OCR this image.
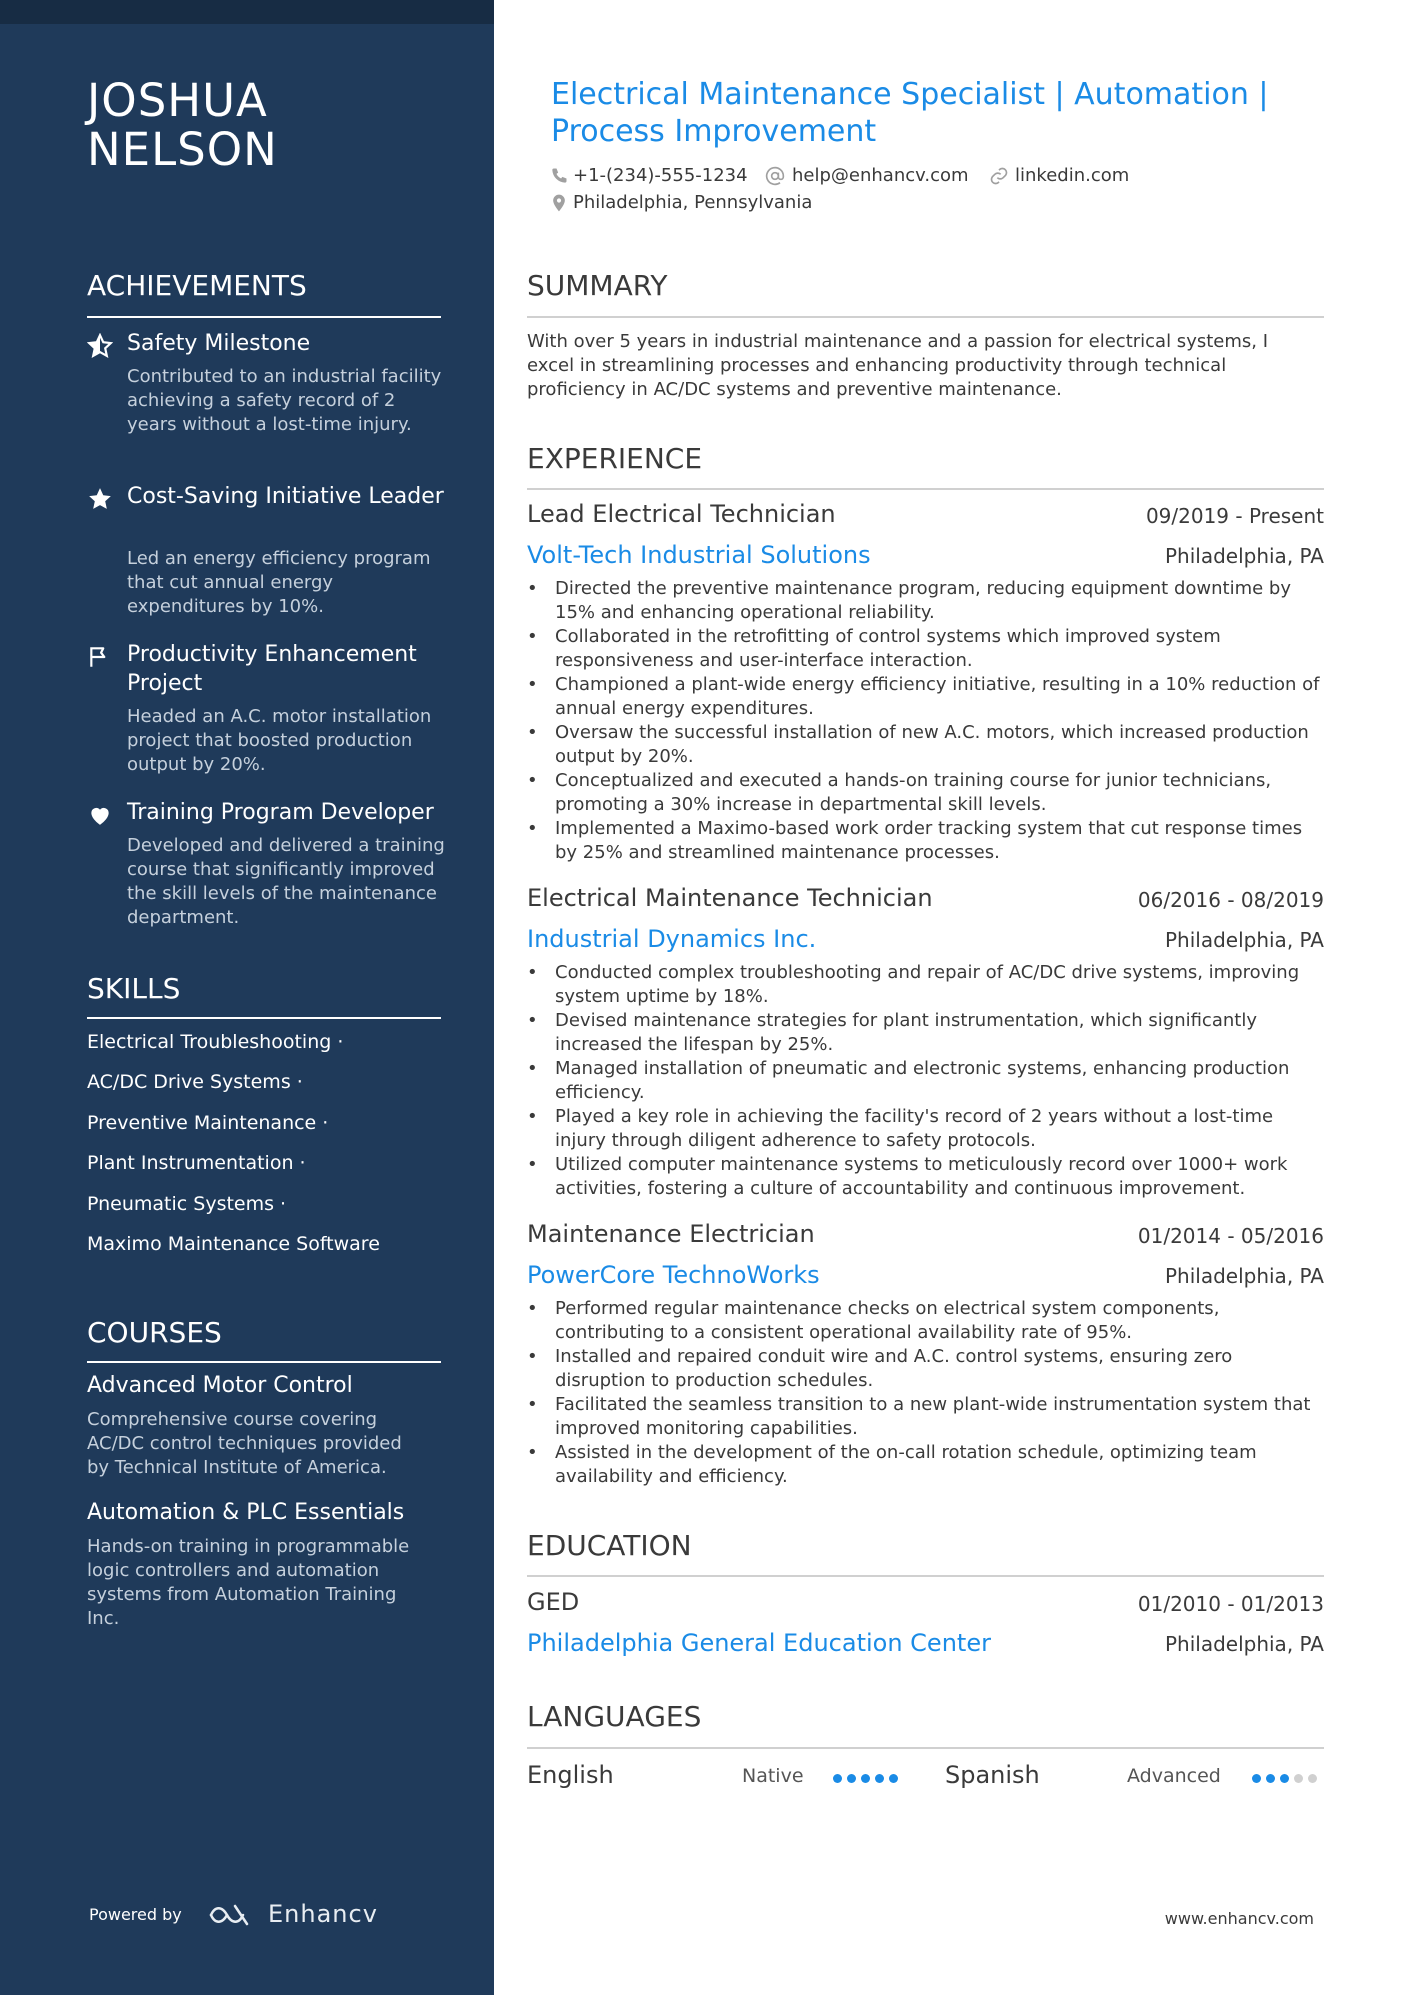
JOSHUA
NELSON
ACHIEVEMENTS
Safety Milestone
Contributed to an industrial facility achieving a safety record of 2 years without a lost-time injury.
Cost-Saving Initiative Leader
Led an energy efficiency program that cut annual energy expenditures by 10%.
Productivity Enhancement Project
Headed an A.C. motor installation project that boosted production output by 20%.
Training Program Developer
Developed and delivered a training course that significantly improved the skill levels of the maintenance department.
SKILLS
Electrical Troubleshooting ·
AC/DC Drive Systems ·
Preventive Maintenance ·
Plant Instrumentation ·
Pneumatic Systems ·
Maximo Maintenance Software
COURSES
Advanced Motor Control
Comprehensive course covering AC/DC control techniques provided by Technical Institute of America.
Automation & PLC Essentials
Hands-on training in programmable logic controllers and automation systems from Automation Training Inc.
Powered by	Enhancv
Electrical Maintenance Specialist | Automation | Process Improvement
+1-(234)-555-1234 help@enhancv.com	linkedin.com
Philadelphia, Pennsylvania
SUMMARY
With over 5 years in industrial maintenance and a passion for electrical systems, I excel in streamlining processes and enhancing productivity through technical proficiency in AC/DC systems and preventive maintenance.
EXPERIENCE
Lead Electrical Technician	09/2019 - Present
Volt-Tech Industrial Solutions	Philadelphia, PA
• Directed the preventive maintenance program, reducing equipment downtime by 15% and enhancing operational reliability.
• Collaborated in the retrofitting of control systems which improved system responsiveness and user-interface interaction.
• Championed a plant-wide energy efficiency initiative, resulting in a 10% reduction of annual energy expenditures.
• Oversaw the successful installation of new A.C. motors, which increased production output by 20%.
• Conceptualized and executed a hands-on training course for junior technicians, promoting a 30% increase in departmental skill levels.
• Implemented a Maximo-based work order tracking system that cut response times by 25% and streamlined maintenance processes.
Electrical Maintenance Technician	06/2016 - 08/2019
Industrial Dynamics Inc.	Philadelphia, PA
• Conducted complex troubleshooting and repair of AC/DC drive systems, improving system uptime by 18%.
• Devised maintenance strategies for plant instrumentation, which significantly increased the lifespan by 25%.
• Managed installation of pneumatic and electronic systems, enhancing production efficiency.
• Played a key role in achieving the facility's record of 2 years without a lost-time injury through diligent adherence to safety protocols.
• Utilized computer maintenance systems to meticulously record over 1000+ work activities, fostering a culture of accountability and continuous improvement.
Maintenance Electrician	01/2014 - 05/2016
PowerCore TechnoWorks	Philadelphia, PA
• Performed regular maintenance checks on electrical system components, contributing to a consistent operational availability rate of 95%.
• Installed and repaired conduit wire and A.C. control systems, ensuring zero disruption to production schedules.
• Facilitated the seamless transition to a new plant-wide instrumentation system that improved monitoring capabilities.
• Assisted in the development of the on-call rotation schedule, optimizing team availability and efficiency.
EDUCATION
GED	01/2010 - 01/2013
Philadelphia General Education Center	Philadelphia, PA
LANGUAGES
English	Native	Spanish	Advanced
www.enhancv.com
